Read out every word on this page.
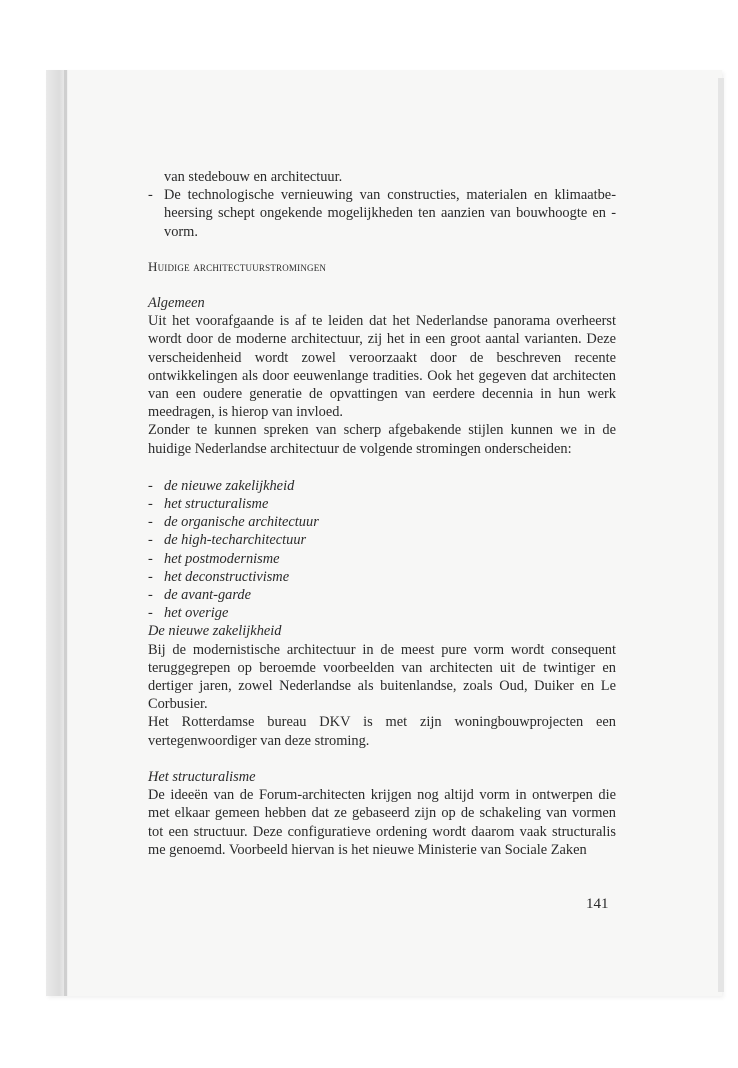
van stedebouw en architectuur.

- De technologische vernieuwing van constructies, materialen en klimaatbe- heersing schept ongekende mogelijkheden ten aanzien van bouwhoogte en - vorm.
Huidige architectuurstromingen

Algemeen

Uit het voorafgaande is af te leiden dat het Nederlandse panorama overheerst wordt door de moderne architectuur, zij het in een groot aantal varianten. Deze verscheidenheid wordt zowel veroorzaakt door de beschreven recente ontwikkelingen als door eeuwenlange tradities. Ook het gegeven dat architecten van een oudere generatie de opvattingen van eerdere decennia in hun werk meedragen, is hierop van invloed.

Zonder te kunnen spreken van scherp afgebakende stijlen kunnen we in de huidige Nederlandse architectuur de volgende stromingen onderscheiden:

- de nieuwe zakelijkheid
- het structuralisme
- de organische architectuur
- de high-techarchitectuur
- het postmodernisme
- het deconstructivisme
- de avant-garde
- het overige

De nieuwe zakelijkheid

Bij de modernistische architectuur in de meest pure vorm wordt consequent teruggegrepen op beroemde voorbeelden van architecten uit de twintiger en dertiger jaren, zowel Nederlandse als buitenlandse, zoals Oud, Duiker en Le Corbusier.

Het Rotterdamse bureau DKV is met zijn woningbouwprojecten een vertegenwoordiger van deze stroming.

Het structuralisme

De ideeën van de Forum-architecten krijgen nog altijd vorm in ontwerpen die met elkaar gemeen hebben dat ze gebaseerd zijn op de schakeling van vormen tot een structuur. Deze configuratieve ordening wordt daarom vaak structuralis me genoemd. Voorbeeld hiervan is het nieuwe Ministerie van Sociale Zaken

141
